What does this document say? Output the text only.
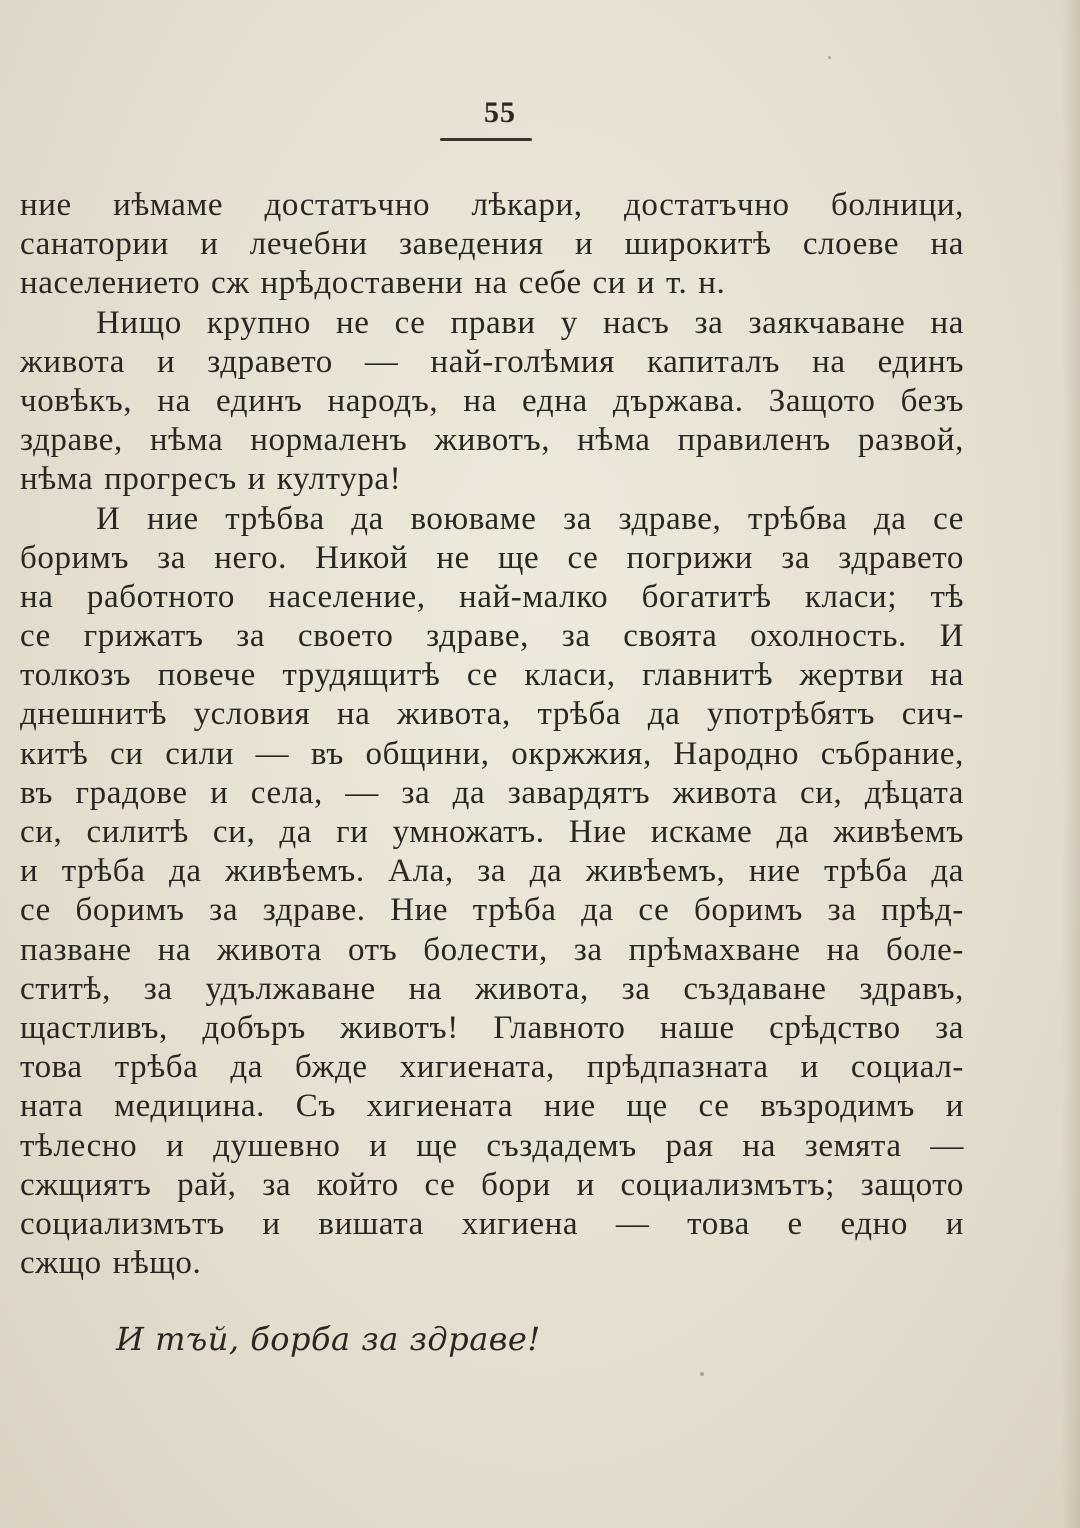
55
ние иѣмаме достатъчно лѣкари, достатъчно болници,
санатории и лечебни заведения и широкитѣ слоеве на
населението сж нрѣдоставени на себе си и т. н.
Нищо крупно не се прави у насъ за заякчаване на
живота и здравето — най-голѣмия капиталъ на единъ
човѣкъ, на единъ народъ, на една държава. Защото безъ
здраве, нѣма нормаленъ животъ, нѣма правиленъ развой,
нѣма прогресъ и култура!
И ние трѣбва да воюваме за здраве, трѣбва да се
боримъ за него. Никой не ще се погрижи за здравето
на работното население, най-малко богатитѣ класи; тѣ
се грижатъ за своето здраве, за своята охолность. И
толкозъ повече трудящитѣ се класи, главнитѣ жертви на
днешнитѣ условия на живота, трѣба да употрѣбятъ сич-
китѣ си сили — въ общини, окржжия, Народно събрание,
въ градове и села, — за да завардятъ живота си, дѣцата
си, силитѣ си, да ги умножатъ. Ние искаме да живѣемъ
и трѣба да живѣемъ. Ала, за да живѣемъ, ние трѣба да
се боримъ за здраве. Ние трѣба да се боримъ за прѣд-
пазване на живота отъ болести, за прѣмахване на боле-
ститѣ, за удължаване на живота, за създаване здравъ,
щастливъ, добъръ животъ! Главното наше срѣдство за
това трѣба да бжде хигиената, прѣдпазната и социал-
ната медицина. Съ хигиената ние ще се възродимъ и
тѣлесно и душевно и ще създадемъ рая на земята —
сжщиятъ рай, за който се бори и социализмътъ; защото
социализмътъ и вишата хигиена — това е едно и
сжщо нѣщо.
И тъй, борба за здраве!
